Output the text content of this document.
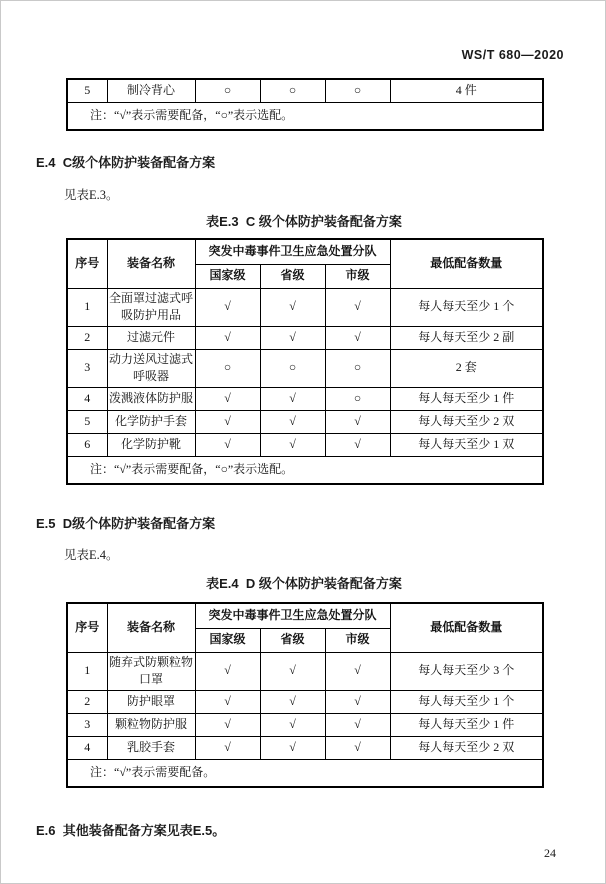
WS/T 680—2020
5	制冷背心	○	○	○	4 件
注：“√”表示需要配备，“○”表示选配。
E.4  C级个体防护装备配备方案
见表E.3。
表E.3  C 级个体防护装备配备方案
序号	装备名称	突发中毒事件卫生应急处置分队			最低配备数量
		国家级	省级	市级	
1	全面罩过滤式呼吸防护用品	√	√	√	每人每天至少 1 个
2	过滤元件	√	√	√	每人每天至少 2 副
3	动力送风过滤式呼吸器	○	○	○	2 套
4	泼溅液体防护服	√	√	○	每人每天至少 1 件
5	化学防护手套	√	√	√	每人每天至少 2 双
6	化学防护靴	√	√	√	每人每天至少 1 双
注：“√”表示需要配备，“○”表示选配。					
E.5  D级个体防护装备配备方案
见表E.4。
表E.4  D 级个体防护装备配备方案
序号	装备名称	突发中毒事件卫生应急处置分队			最低配备数量
		国家级	省级	市级	
1	随弃式防颗粒物口罩	√	√	√	每人每天至少 3 个
2	防护眼罩	√	√	√	每人每天至少 1 个
3	颗粒物防护服	√	√	√	每人每天至少 1 件
4	乳胶手套	√	√	√	每人每天至少 2 双
注：“√”表示需要配备。					
E.6  其他装备配备方案见表E.5。
24
